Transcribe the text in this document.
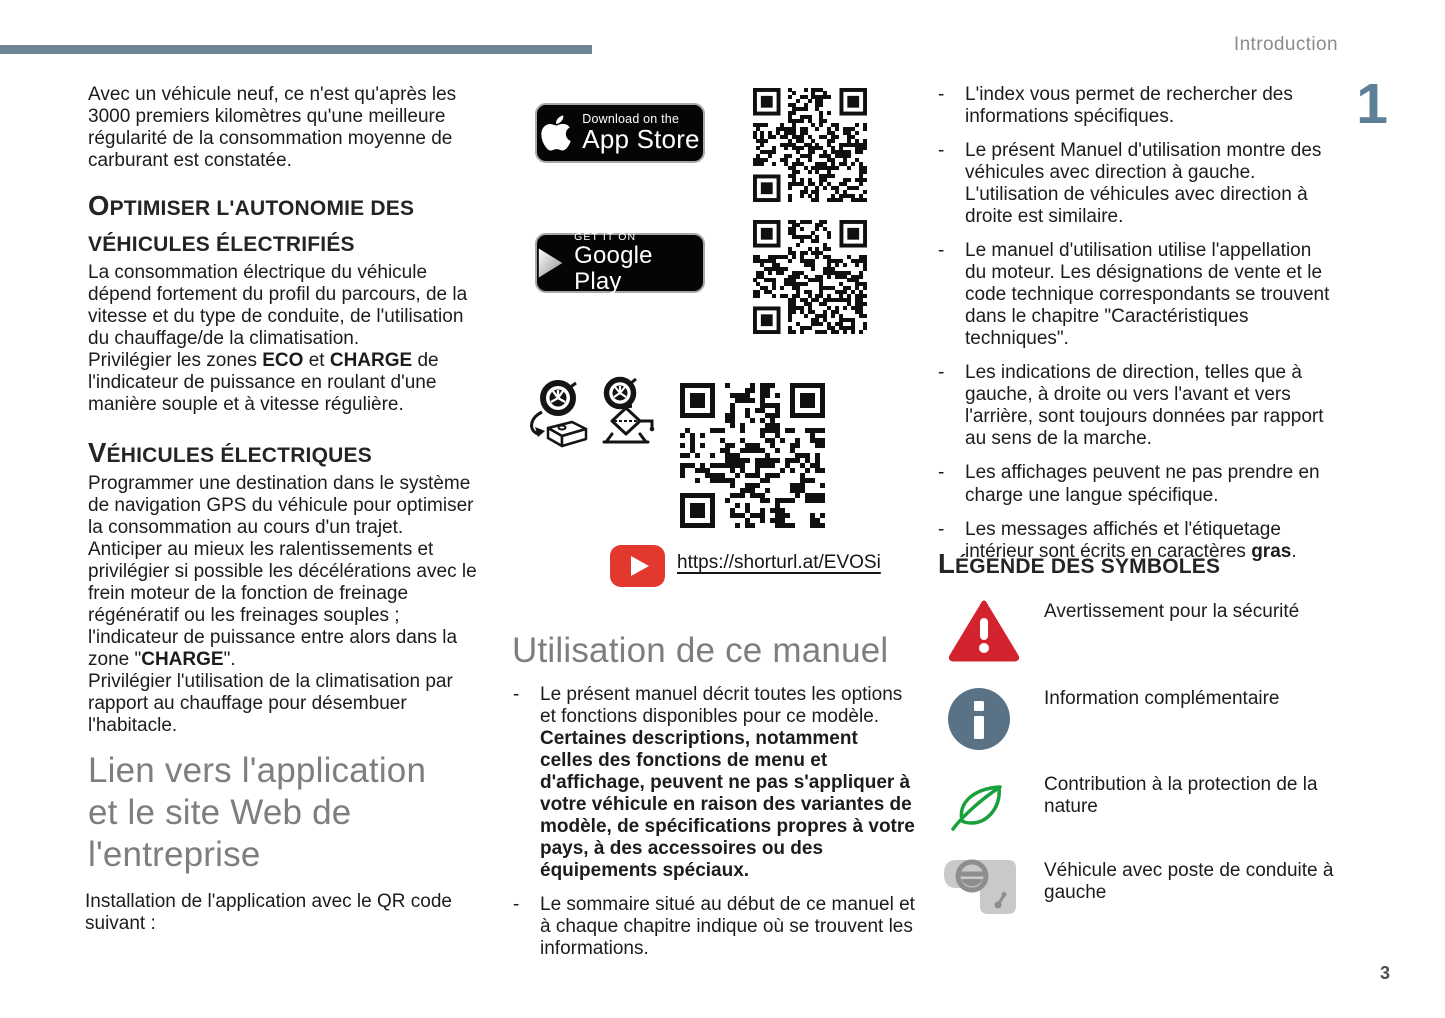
Introduction
1
3

Avec un véhicule neuf, ce n'est qu'après les 3000 premiers kilomètres qu'une meilleure régularité de la consommation moyenne de carburant est constatée.

OPTIMISER L'AUTONOMIE DES VÉHICULES ÉLECTRIFIÉS

La consommation électrique du véhicule dépend fortement du profil du parcours, de la vitesse et du type de conduite, de l'utilisation du chauffage/de la climatisation.

Privilégier les zones ECO et CHARGE de l'indicateur de puissance en roulant d'une manière souple et à vitesse régulière.

VÉHICULES ÉLECTRIQUES

Programmer une destination dans le système de navigation GPS du véhicule pour optimiser la consommation au cours d'un trajet.

Anticiper au mieux les ralentissements et privilégier si possible les décélérations avec le frein moteur de la fonction de freinage régénératif ou les freinages souples ; l'indicateur de puissance entre alors dans la zone "CHARGE".

Privilégier l'utilisation de la climatisation par rapport au chauffage pour désembuer l'habitacle.

Lien vers l'application et le site Web de l'entreprise

Installation de l'application avec le QR code suivant :

Download on the
App Store
GET IT ON
Google Play
https://shorturl.at/EVOSi
Utilisation de ce manuel
-	Le présent manuel décrit toutes les options et fonctions disponibles pour ce modèle. Certaines descriptions, notamment celles des fonctions de menu et d'affichage, peuvent ne pas s'appliquer à votre véhicule en raison des variantes de modèle, de spécifications propres à votre pays, à des accessoires ou des équipements spéciaux.
-	Le sommaire situé au début de ce manuel et à chaque chapitre indique où se trouvent les informations.
-	L'index vous permet de rechercher des informations spécifiques.
-	Le présent Manuel d'utilisation montre des véhicules avec direction à gauche. L'utilisation de véhicules avec direction à droite est similaire.
-	Le manuel d'utilisation utilise l'appellation du moteur. Les désignations de vente et le code technique correspondants se trouvent dans le chapitre "Caractéristiques techniques".
-	Les indications de direction, telles que à gauche, à droite ou vers l'avant et vers l'arrière, sont toujours données par rapport au sens de la marche.
-	Les affichages peuvent ne pas prendre en charge une langue spécifique.
-	Les messages affichés et l'étiquetage intérieur sont écrits en caractères gras.
LÉGENDE DES SYMBOLES
Avertissement pour la sécurité
Information complémentaire
Contribution à la protection de la nature
Véhicule avec poste de conduite à gauche
